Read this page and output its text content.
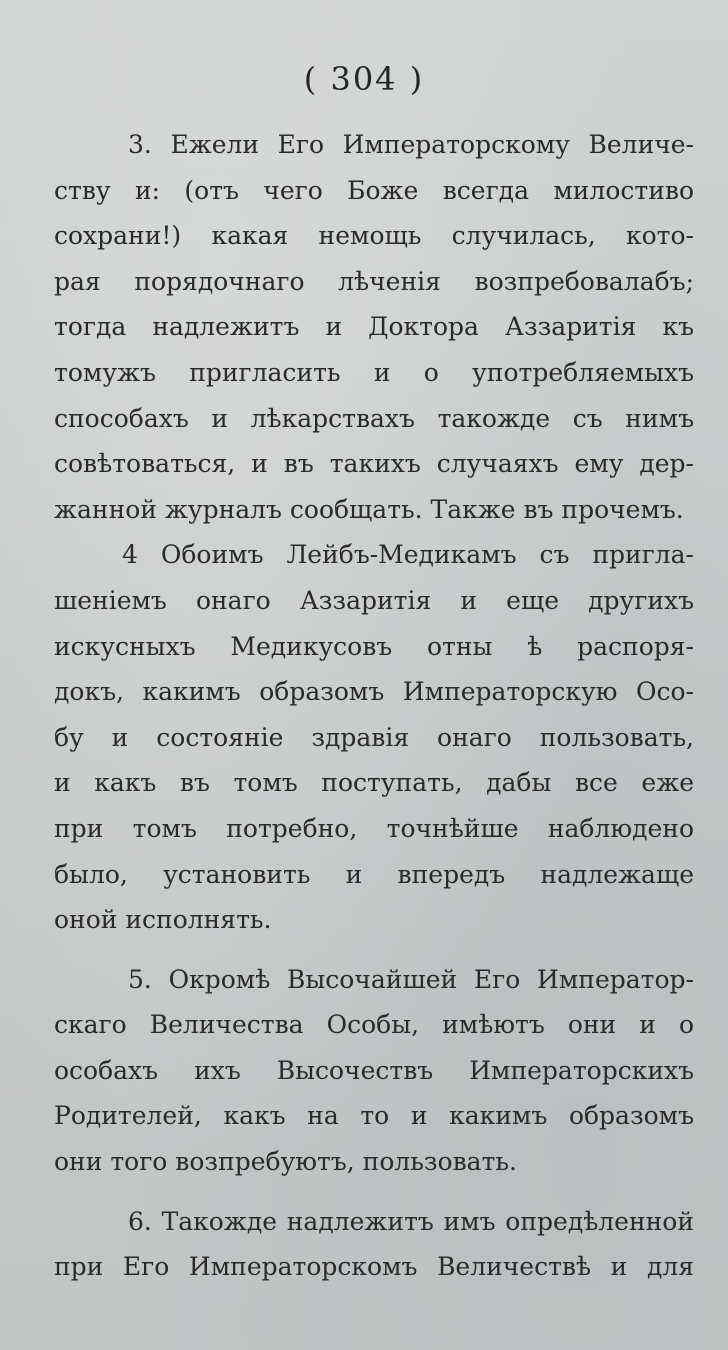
( 304 )
3. Ежели Его Императорскому Величе-
ству и: (отъ чего Боже всегда милостиво
сохрани!) какая немощь случилась, кото-
рая порядочнаго лѣченія возпребовалабъ;
тогда надлежитъ и Доктора Аззаритія къ
томужъ пригласить и о употребляемыхъ
способахъ и лѣкарствахъ такожде съ нимъ
совѣтоваться, и въ такихъ случаяхъ ему дер-
жанной журналъ сообщать. Также въ прочемъ.
4 Обоимъ Лейбъ-Медикамъ съ пригла-
шеніемъ онаго Аззаритія и еще другихъ
искусныхъ Медикусовъ отны ѣ распоря-
докъ, какимъ образомъ Императорскую Осо-
бу и состояніе здравія онаго пользовать,
и какъ въ томъ поступать, дабы все еже
при томъ потребно, точнѣйше наблюдено
было, установить и впередъ надлежаще
оной исполнять.
5. Окромѣ Высочайшей Его Император-
скаго Величества Особы, имѣютъ они и о
особахъ ихъ Высочествъ Императорскихъ
Родителей, какъ на то и какимъ образомъ
они того возпребуютъ, пользовать.
6. Такожде надлежитъ имъ опредѣленной
при Его Императорскомъ Величествѣ и для
